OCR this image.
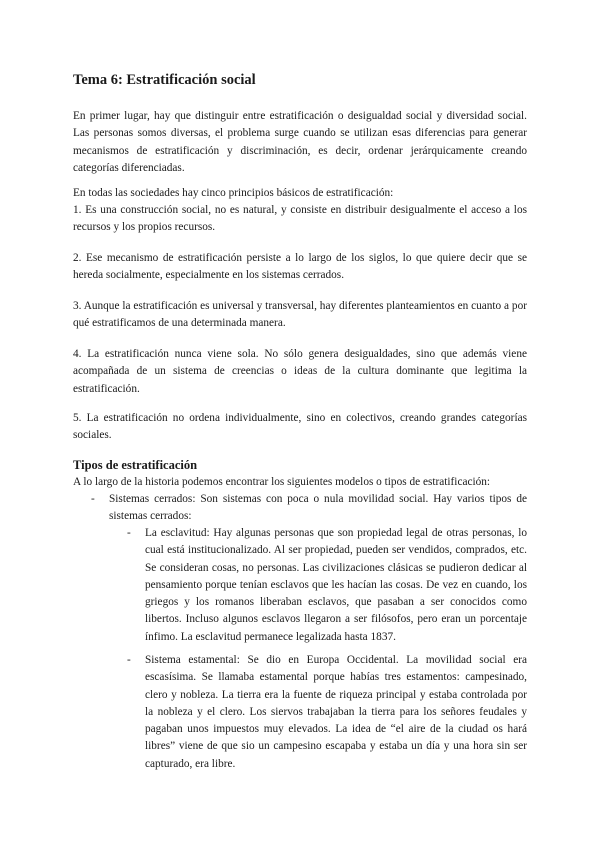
Tema 6: Estratificación social

En primer lugar, hay que distinguir entre estratificación o desigualdad social y diversidad social. Las personas somos diversas, el problema surge cuando se utilizan esas diferencias para generar mecanismos de estratificación y discriminación, es decir, ordenar jerárquicamente creando categorías diferenciadas.

En todas las sociedades hay cinco principios básicos de estratificación:

1. Es una construcción social, no es natural, y consiste en distribuir desigualmente el acceso a los recursos y los propios recursos.

2. Ese mecanismo de estratificación persiste a lo largo de los siglos, lo que quiere decir que se hereda socialmente, especialmente en los sistemas cerrados.

3. Aunque la estratificación es universal y transversal, hay diferentes planteamientos en cuanto a por qué estratificamos de una determinada manera.

4. La estratificación nunca viene sola. No sólo genera desigualdades, sino que además viene acompañada de un sistema de creencias o ideas de la cultura dominante que legitima la estratificación.

5. La estratificación no ordena individualmente, sino en colectivos, creando grandes categorías sociales.

Tipos de estratificación

A lo largo de la historia podemos encontrar los siguientes modelos o tipos de estratificación:

- Sistemas cerrados: Son sistemas con poca o nula movilidad social. Hay varios tipos de sistemas cerrados:

- La esclavitud: Hay algunas personas que son propiedad legal de otras personas, lo cual está institucionalizado. Al ser propiedad, pueden ser vendidos, comprados, etc. Se consideran cosas, no personas. Las civilizaciones clásicas se pudieron dedicar al pensamiento porque tenían esclavos que les hacían las cosas. De vez en cuando, los griegos y los romanos liberaban esclavos, que pasaban a ser conocidos como libertos. Incluso algunos esclavos llegaron a ser filósofos, pero eran un porcentaje ínfimo. La esclavitud permanece legalizada hasta 1837.

- Sistema estamental: Se dio en Europa Occidental. La movilidad social era escasísima. Se llamaba estamental porque habías tres estamentos: campesinado, clero y nobleza. La tierra era la fuente de riqueza principal y estaba controlada por la nobleza y el clero. Los siervos trabajaban la tierra para los señores feudales y pagaban unos impuestos muy elevados. La idea de “el aire de la ciudad os hará libres” viene de que sio un campesino escapaba y estaba un día y una hora sin ser capturado, era libre.
